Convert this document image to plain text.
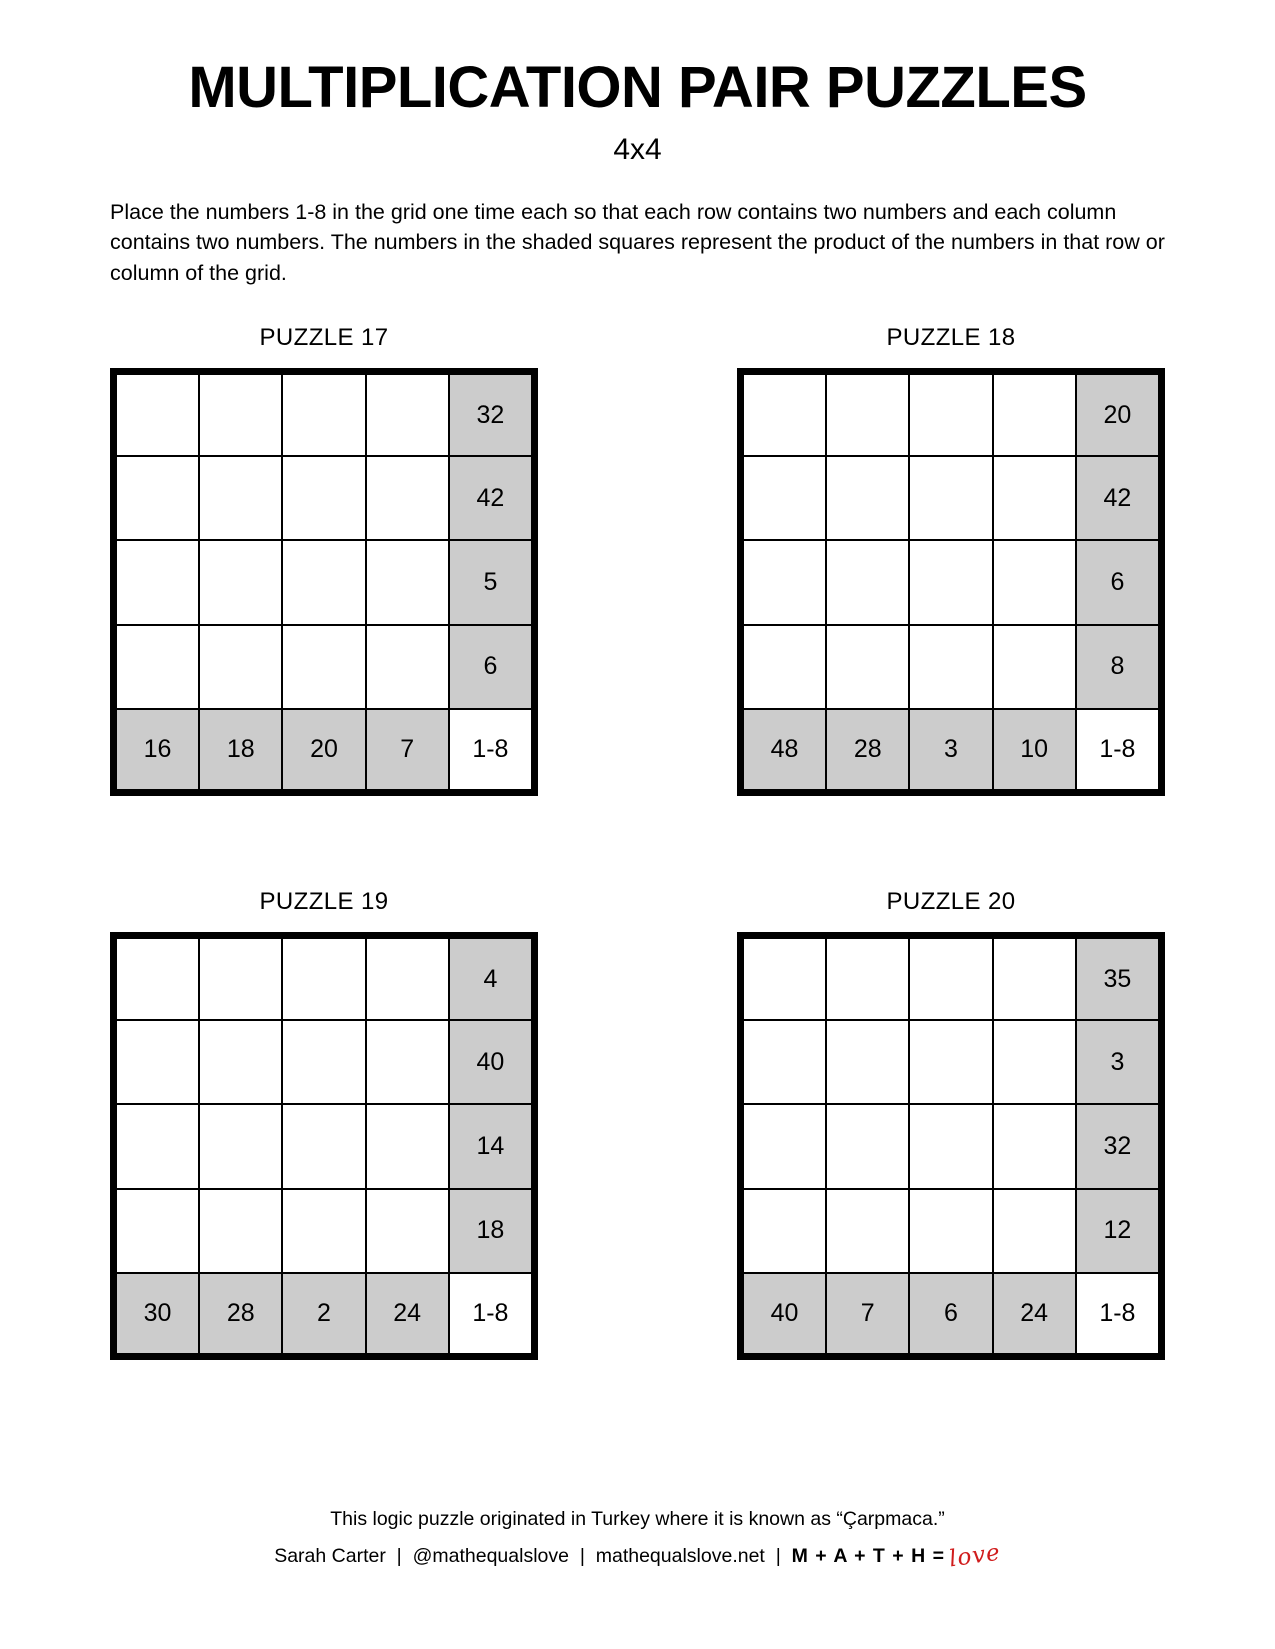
MULTIPLICATION PAIR PUZZLES
4x4

Place the numbers 1-8 in the grid one time each so that each row contains two numbers and each column contains two numbers. The numbers in the shaded squares represent the product of the numbers in that row or column of the grid.

PUZZLE 17
				32
				42
				5
				6
16	18	20	7	1-8
PUZZLE 18
				20
				42
				6
				8
48	28	3	10	1-8
PUZZLE 19
				4
				40
				14
				18
30	28	2	24	1-8
PUZZLE 20
				35
				3
				32
				12
40	7	6	24	1-8
This logic puzzle originated in Turkey where it is known as “Çarpmaca.”
Sarah Carter | @mathequalslove | mathequalslove.net | M + A + T + H = love
